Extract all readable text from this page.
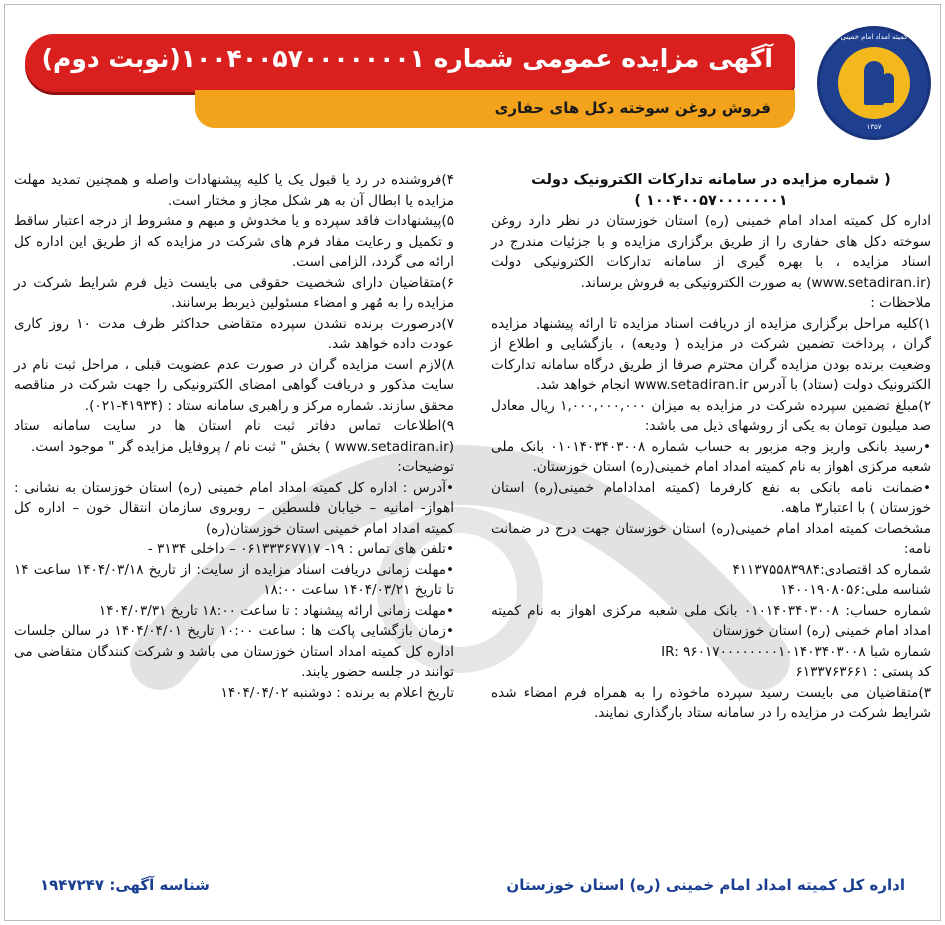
کمیته امداد امام خمینی
۱۳۵۷
آگهی مزایده عمومی شماره ۱۰۰۴۰۰۵۷۰۰۰۰۰۰۰۱(نوبت دوم)
فروش روغن سوخته دکل های حفاری

( شماره مزایده در سامانه تدارکات الکترونیک دولت ۱۰۰۴۰۰۵۷۰۰۰۰۰۰۰۱ )

اداره کل کمیته امداد امام خمینی (ره) استان خوزستان در نظر دارد روغن سوخته دکل های حفاری را از طریق برگزاری مزایده و با جزئیات مندرج در اسناد مزایده ، با بهره گیری از سامانه تدارکات الکترونیکی دولت (www.setadiran.ir) به صورت الکترونیکی به فروش برساند.

ملاحظات :

۱)کلیه مراحل برگزاری مزایده از دریافت اسناد مزایده تا ارائه پیشنهاد مزایده گران ، پرداخت تضمین شرکت در مزایده ( ودیعه) ، بازگشایی و اطلاع از وضعیت برنده بودن مزایده گران محترم صرفا از طریق درگاه سامانه تدارکات الکترونیک دولت (ستاد) با آدرس www.setadiran.ir انجام خواهد شد.

۲)مبلغ تضمین سپرده شرکت در مزایده به میزان ۱,۰۰۰,۰۰۰,۰۰۰ ریال معادل صد میلیون تومان به یکی از روشهای ذیل می باشد:

•رسید بانکی واریز وجه مزبور به حساب شماره ۰۱۰۱۴۰۳۴۰۳۰۰۸ بانک ملی شعبه مرکزی اهواز به نام کمیته امداد امام خمینی(ره) استان خوزستان.

•ضمانت نامه بانکی به نفع کارفرما (کمیته امدادامام خمینی(ره) استان خوزستان ) با اعتبار۳ ماهه.

مشخصات کمیته امداد امام خمینی(ره) استان خوزستان جهت درج در ضمانت نامه:

شماره کد اقتصادی:۴۱۱۳۷۵۵۸۳۹۸۴

شناسه ملی:۱۴۰۰۱۹۰۸۰۵۶

شماره حساب: ۰۱۰۱۴۰۳۴۰۳۰۰۸ بانک ملی شعبه مرکزی اهواز به نام کمیته امداد امام خمینی (ره) استان خوزستان

شماره شبا IR: ۹۶۰۱۷۰۰۰۰۰۰۰۰۱۰۱۴۰۳۴۰۳۰۰۸

کد پستی : ۶۱۳۳۷۶۳۶۶۱

۳)متقاضیان می بایست رسید سپرده ماخوذه را به همراه فرم امضاء شده شرایط شرکت در مزایده را در سامانه ستاد بارگذاری نمایند.

۴)فروشنده در رد یا قبول یک یا کلیه پیشنهادات واصله و همچنین تمدید مهلت مزایده یا ابطال آن به هر شکل مجاز و مختار است.

۵)پیشنهادات فاقد سپرده و یا مخدوش و مبهم و مشروط از درجه اعتبار ساقط و تکمیل و رعایت مفاد فرم های شرکت در مزایده که از طریق این اداره کل ارائه می گردد، الزامی است.

۶)متقاضیان دارای شخصیت حقوقی می بایست ذیل فرم شرایط شرکت در مزایده را به مُهر و امضاء مسئولین ذیربط برسانند.

۷)درصورت برنده نشدن سپرده متقاضی حداکثر ظرف مدت ۱۰ روز کاری عودت داده خواهد شد.

۸)لازم است مزایده گران در صورت عدم عضویت قبلی ، مراحل ثبت نام در سایت مذکور و دریافت گواهی امضای الکترونیکی را جهت شرکت در مناقصه محقق سازند. شماره مرکز و راهبری سامانه ستاد : (۴۱۹۳۴-۰۲۱).

۹)اطلاعات تماس دفاتر ثبت نام استان ها در سایت سامانه ستاد (www.setadiran.ir ) بخش " ثبت نام / پروفایل مزایده گر " موجود است.

توضیحات:

•آدرس : اداره کل کمیته امداد امام خمینی (ره) استان خوزستان به نشانی : اهواز- امانیه – خیابان فلسطین – روبروی سازمان انتقال خون – اداره کل کمیته امداد امام خمینی استان خوزستان(ره)

•تلفن های تماس : ۱۹- ۰۶۱۳۳۳۶۷۷۱۷ – داخلی ۳۱۳۴ -

•مهلت زمانی دریافت اسناد مزایده از سایت: از تاریخ ۱۴۰۴/۰۳/۱۸ ساعت ۱۴ تا تاریخ ۱۴۰۴/۰۳/۲۱ ساعت ۱۸:۰۰

•مهلت زمانی ارائه پیشنهاد : تا ساعت ۱۸:۰۰ تاریخ ۱۴۰۴/۰۳/۳۱

•زمان بازگشایی پاکت ها : ساعت ۱۰:۰۰ تاریخ ۱۴۰۴/۰۴/۰۱ در سالن جلسات اداره کل کمیته امداد استان خوزستان می باشد و شرکت کنندگان متقاضی می توانند در جلسه حضور یابند.

تاریخ اعلام به برنده : دوشنبه ۱۴۰۴/۰۴/۰۲

اداره کل کمیته امداد امام خمینی (ره) استان خوزستان
شناسه آگهی: ۱۹۴۷۲۴۷
